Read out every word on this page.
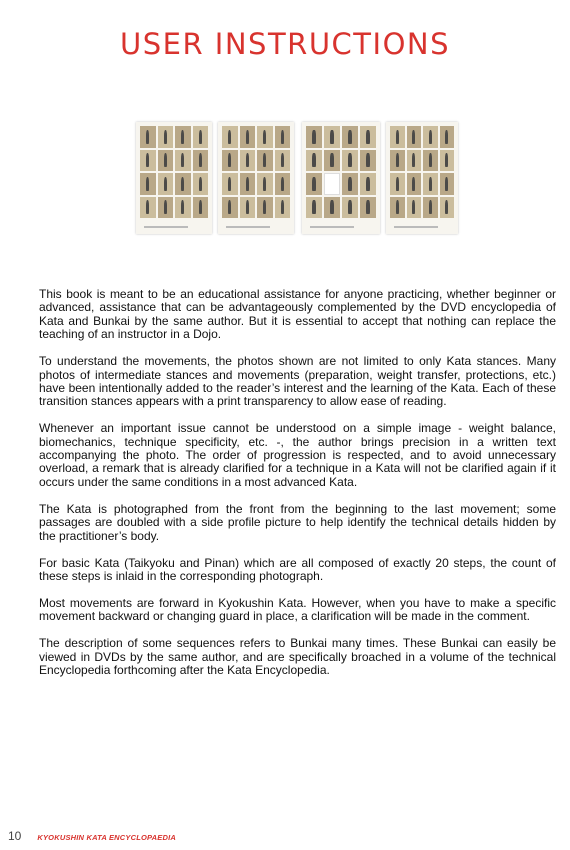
USER INSTRUCTIONS

This book is meant to be an educational assistance for anyone practicing, whether beginner or advanced, assistance that can be advantageously complemented by the DVD encyclopedia of Kata and Bunkai by the same author. But it is essential to accept that nothing can replace the teaching of an instructor in a Dojo.

To understand the movements, the photos shown are not limited to only Kata stances. Many photos of intermediate stances and movements (preparation, weight transfer, protections, etc.) have been intentionally added to the reader’s interest and the learning of the Kata. Each of these transition stances appears with a print transparency to allow ease of reading.

Whenever an important issue cannot be understood on a simple image - weight balance, biomechanics, technique specificity, etc. -, the author brings precision in a written text accompanying the photo. The order of progression is respected, and to avoid unnecessary overload, a remark that is already clarified for a technique in a Kata will not be clarified again if it occurs under the same conditions in a most advanced Kata.

The Kata is photographed from the front from the beginning to the last movement; some passages are doubled with a side profile picture to help identify the technical details hidden by the practitioner’s body.

For basic Kata (Taikyoku and Pinan) which are all composed of exactly 20 steps, the count of these steps is inlaid in the corresponding photograph.

Most movements are forward in Kyokushin Kata. However, when you have to make a specific movement backward or changing guard in place, a clarification will be made in the comment.

The description of some sequences refers to Bunkai many times. These Bunkai can easily be viewed in DVDs by the same author, and are specifically broached in a volume of the technical Encyclopedia forthcoming after the Kata Encyclopedia.

10 KYOKUSHIN KATA ENCYCLOPAEDIA
